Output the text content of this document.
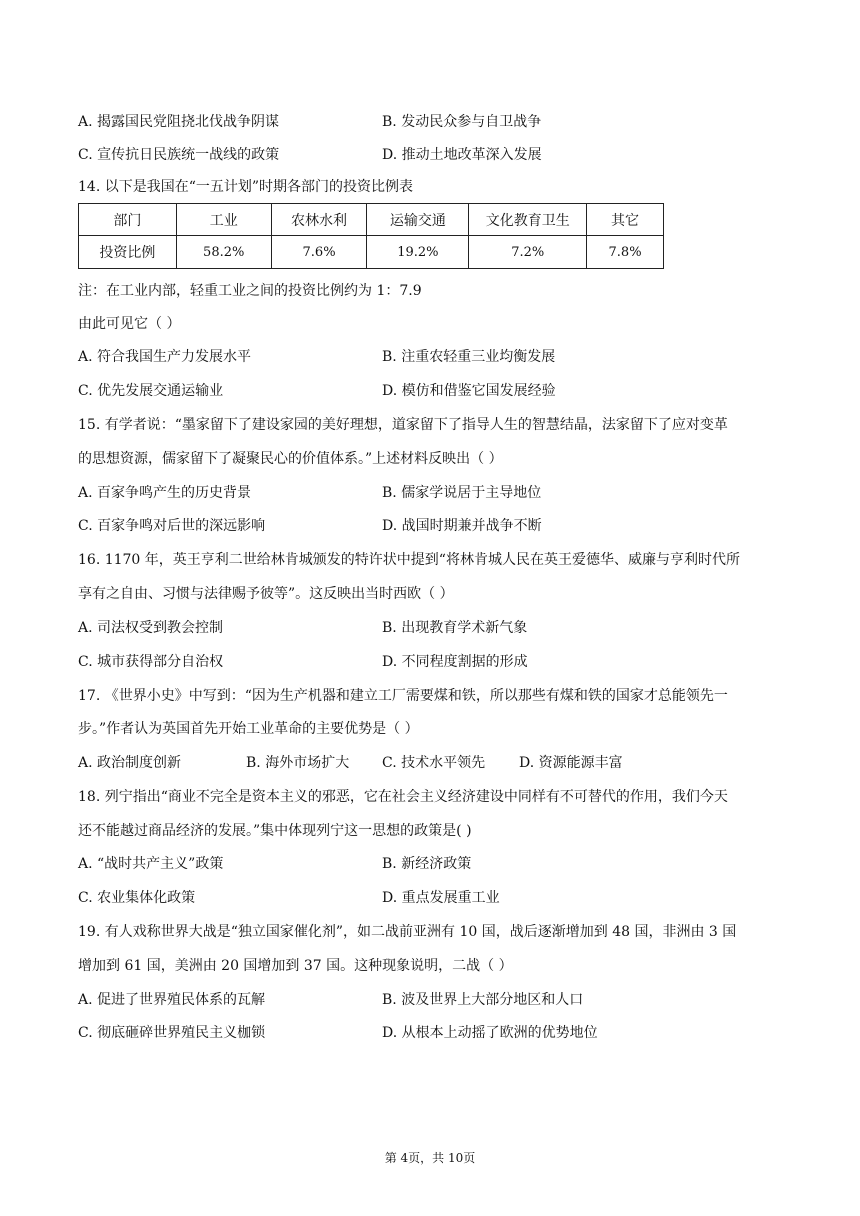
A. 揭露国民党阻挠北伐战争阴谋	B. 发动民众参与自卫战争
C. 宣传抗日民族统一战线的政策	D. 推动土地改革深入发展
14. 以下是我国在“一五计划”时期各部门的投资比例表
部门	工业	农林水利	运输交通	文化教育卫生	其它
投资比例	58.2%	7.6%	19.2%	7.2%	7.8%
注：在工业内部，轻重工业之间的投资比例约为 1：7.9
由此可见它（ ）
A. 符合我国生产力发展水平	B. 注重农轻重三业均衡发展
C. 优先发展交通运输业	D. 模仿和借鉴它国发展经验
15. 有学者说：“墨家留下了建设家园的美好理想，道家留下了指导人生的智慧结晶，法家留下了应对变革
的思想资源，儒家留下了凝聚民心的价值体系。”上述材料反映出（ ）
A. 百家争鸣产生的历史背景	B. 儒家学说居于主导地位
C. 百家争鸣对后世的深远影响	D. 战国时期兼并战争不断
16. 1170 年，英王亨利二世给林肯城颁发的特许状中提到“将林肯城人民在英王爱德华、威廉与亨利时代所
享有之自由、习惯与法律赐予彼等”。这反映出当时西欧（ ）
A. 司法权受到教会控制	B. 出现教育学术新气象
C. 城市获得部分自治权	D. 不同程度割据的形成
17. 《世界小史》中写到：“因为生产机器和建立工厂需要煤和铁，所以那些有煤和铁的国家才总能领先一
步。”作者认为英国首先开始工业革命的主要优势是（ ）
A. 政治制度创新	B. 海外市场扩大 C. 技术水平领先 D. 资源能源丰富
18. 列宁指出“商业不完全是资本主义的邪恶，它在社会主义经济建设中同样有不可替代的作用，我们今天
还不能越过商品经济的发展。”集中体现列宁这一思想的政策是( )
A. “战时共产主义”政策	B. 新经济政策
C. 农业集体化政策	D. 重点发展重工业
19. 有人戏称世界大战是“独立国家催化剂”，如二战前亚洲有 10 国，战后逐渐增加到 48 国，非洲由 3 国
增加到 61 国，美洲由 20 国增加到 37 国。这种现象说明，二战（ ）
A. 促进了世界殖民体系的瓦解	B. 波及世界上大部分地区和人口
C. 彻底砸碎世界殖民主义枷锁	D. 从根本上动摇了欧洲的优势地位
第 4页，共 10页
